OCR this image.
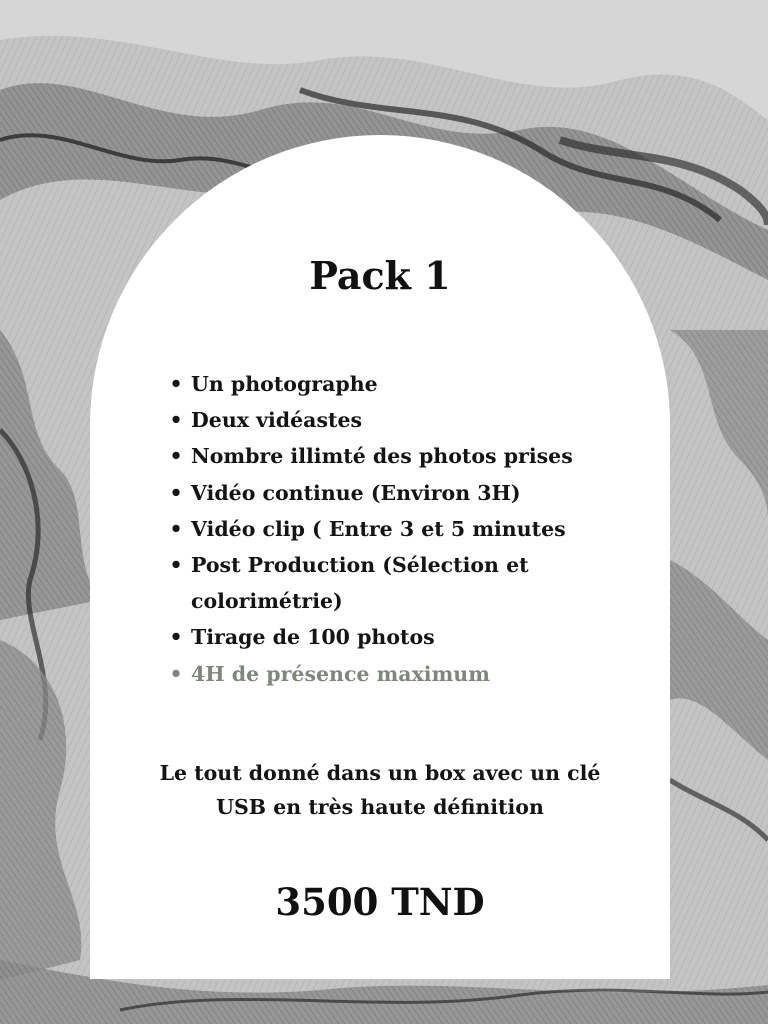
Pack 1
• Un photographe
• Deux vidéastes
• Nombre illimté des photos prises
• Vidéo continue (Environ 3H)
• Vidéo clip ( Entre 3 et 5 minutes
• Post Production (Sélection et colorimétrie)
• Tirage de 100 photos
• 4H de présence maximum

Le tout donné dans un box avec un clé USB en très haute définition

3500 TND
